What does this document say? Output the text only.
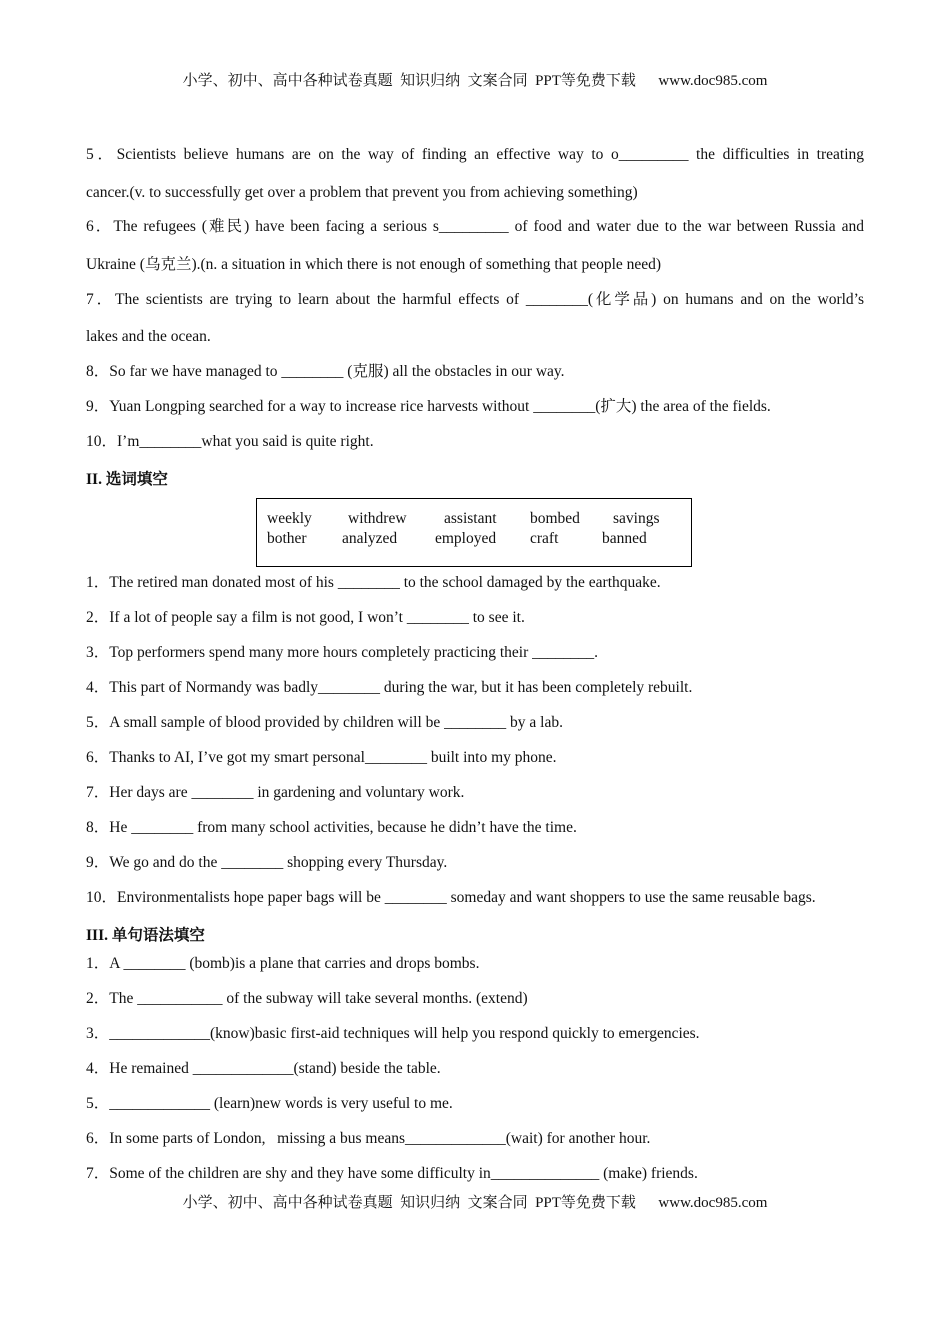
小学、初中、高中各种试卷真题  知识归纳  文案合同  PPT等免费下载      www.doc985.com
5．Scientists believe humans are on the way of finding an effective way to o_________ the difficulties in treating
cancer.(v. to successfully get over a problem that prevent you from achieving something)
6．The refugees (难民) have been facing a serious s_________ of food and water due to the war between Russia and
Ukraine (乌克兰).(n. a situation in which there is not enough of something that people need)
7．The scientists are trying to learn about the harmful effects of ________(化学品) on humans and on the world’s
lakes and the ocean.
8．So far we have managed to ________ (克服) all the obstacles in our way.
9．Yuan Longping searched for a way to increase rice harvests without ________(扩大) the area of the fields.
10．I’m________what you said is quite right.
II. 选词填空
weekly withdrew assistant bombed savings
bother analyzed employed craft	banned
1．The retired man donated most of his ________ to the school damaged by the earthquake.
2．If a lot of people say a film is not good, I won’t ________ to see it.
3．Top performers spend many more hours completely practicing their ________.
4．This part of Normandy was badly________ during the war, but it has been completely rebuilt.
5．A small sample of blood provided by children will be ________ by a lab.
6．Thanks to AI, I’ve got my smart personal________ built into my phone.
7．Her days are ________ in gardening and voluntary work.
8．He ________ from many school activities, because he didn’t have the time.
9．We go and do the ________ shopping every Thursday.
10．Environmentalists hope paper bags will be ________ someday and want shoppers to use the same reusable bags.
III. 单句语法填空
1．A ________ (bomb)is a plane that carries and drops bombs.
2．The ___________ of the subway will take several months. (extend)
3．_____________(know)basic first-aid techniques will help you respond quickly to emergencies.
4．He remained _____________(stand) beside the table.
5．_____________ (learn)new words is very useful to me.
6．In some parts of London,   missing a bus means_____________(wait) for another hour.
7．Some of the children are shy and they have some difficulty in______________ (make) friends.
小学、初中、高中各种试卷真题  知识归纳  文案合同  PPT等免费下载      www.doc985.com
